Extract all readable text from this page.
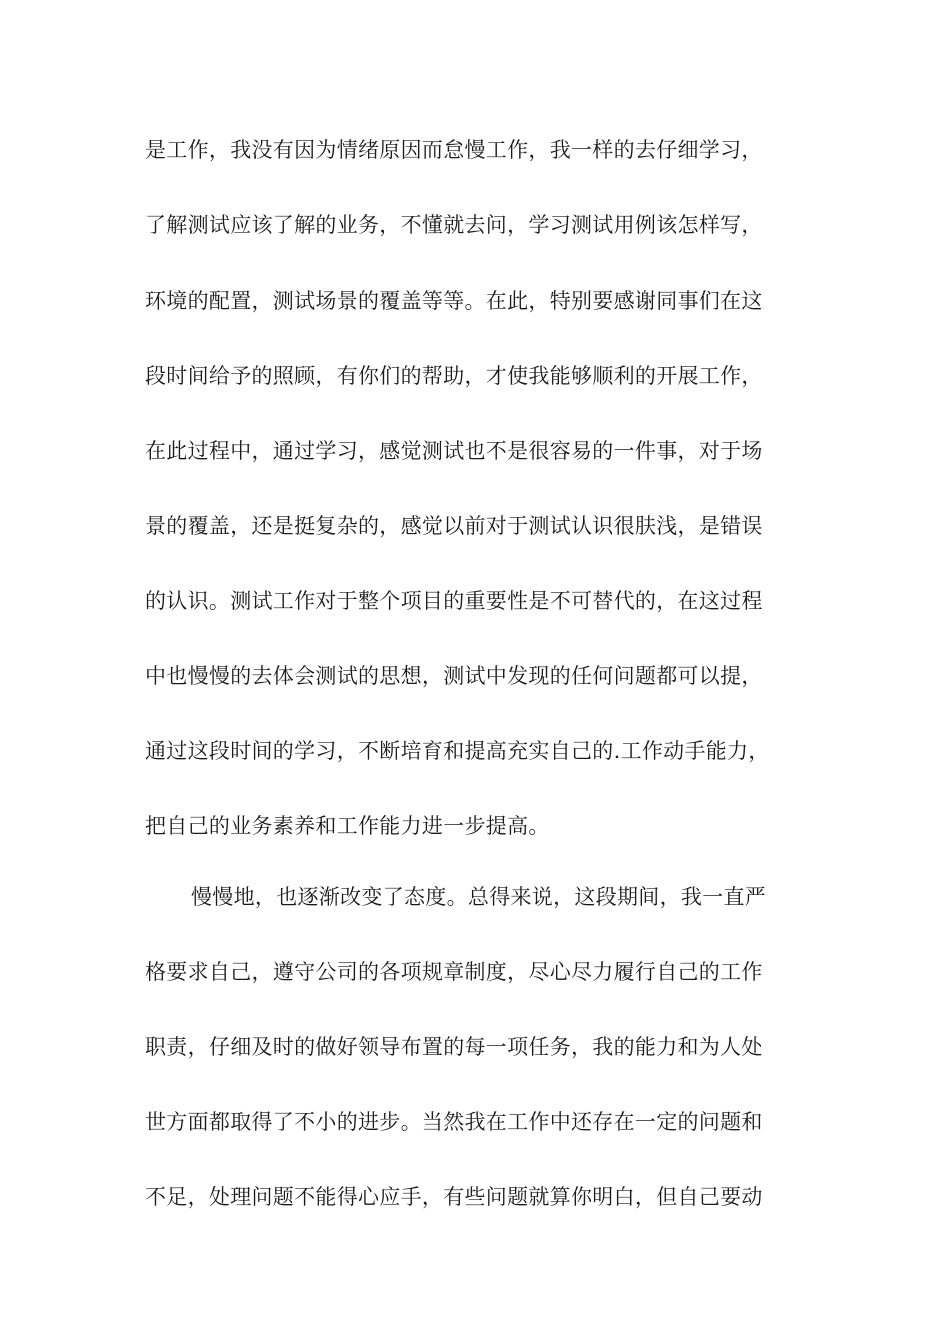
是工作，我没有因为情绪原因而怠慢工作，我一样的去仔细学习，
了解测试应该了解的业务，不懂就去问，学习测试用例该怎样写，
环境的配置，测试场景的覆盖等等。在此，特别要感谢同事们在这
段时间给予的照顾，有你们的帮助，才使我能够顺利的开展工作，
在此过程中，通过学习，感觉测试也不是很容易的一件事，对于场
景的覆盖，还是挺复杂的，感觉以前对于测试认识很肤浅，是错误
的认识。测试工作对于整个项目的重要性是不可替代的，在这过程
中也慢慢的去体会测试的思想，测试中发现的任何问题都可以提，
通过这段时间的学习，不断培育和提高充实自己的.工作动手能力，
把自己的业务素养和工作能力进一步提高。
慢慢地，也逐渐改变了态度。总得来说，这段期间，我一直严
格要求自己，遵守公司的各项规章制度，尽心尽力履行自己的工作
职责，仔细及时的做好领导布置的每一项任务，我的能力和为人处
世方面都取得了不小的进步。当然我在工作中还存在一定的问题和
不足，处理问题不能得心应手，有些问题就算你明白，但自己要动
